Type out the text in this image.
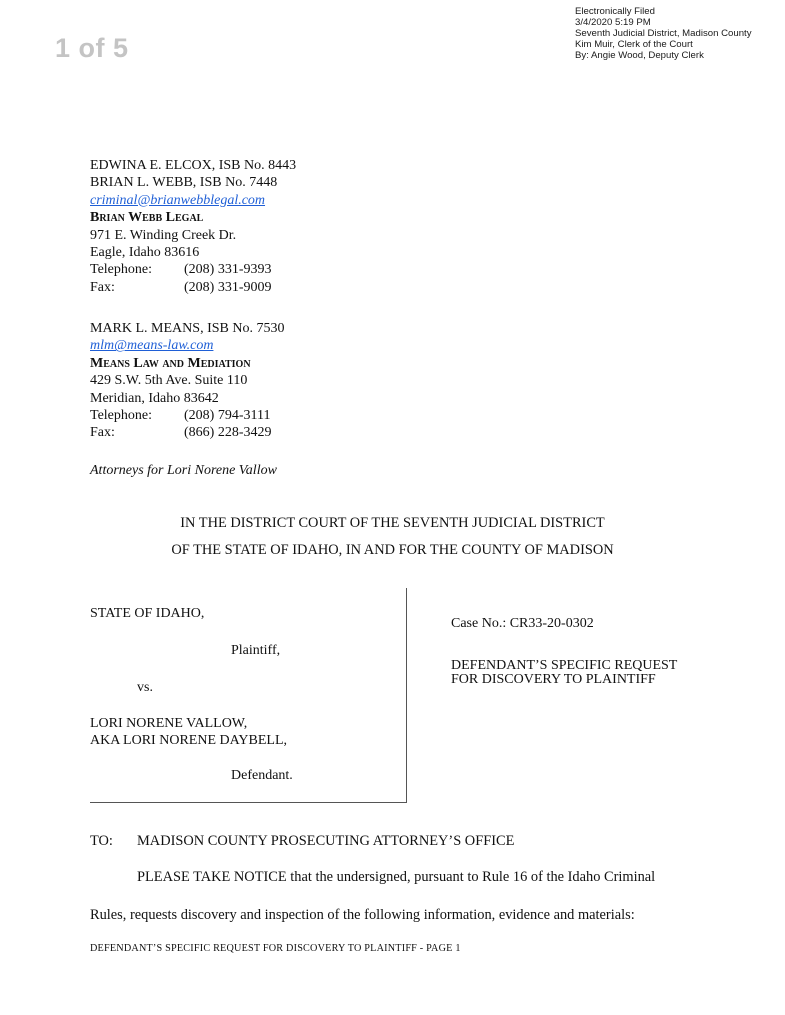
1 of 5
Electronically Filed
3/4/2020 5:19 PM
Seventh Judicial District, Madison County
Kim Muir, Clerk of the Court
By: Angie Wood, Deputy Clerk
EDWINA E. ELCOX, ISB No. 8443
BRIAN L. WEBB, ISB No. 7448
criminal@brianwebblegal.com
Brian Webb Legal
971 E. Winding Creek Dr.
Eagle, Idaho 83616
Telephone: (208) 331-9393
Fax:	(208) 331-9009
MARK L. MEANS, ISB No. 7530
mlm@means-law.com
Means Law and Mediation
429 S.W. 5th Ave. Suite 110
Meridian, Idaho 83642
Telephone: (208) 794-3111
Fax:	(866) 228-3429
Attorneys for Lori Norene Vallow
IN THE DISTRICT COURT OF THE SEVENTH JUDICIAL DISTRICT
OF THE STATE OF IDAHO, IN AND FOR THE COUNTY OF MADISON
STATE OF IDAHO,
Plaintiff,
vs.
LORI NORENE VALLOW,
AKA LORI NORENE DAYBELL,
Defendant.
Case No.: CR33-20-0302
DEFENDANT’S SPECIFIC REQUEST
FOR DISCOVERY TO PLAINTIFF
TO: MADISON COUNTY PROSECUTING ATTORNEY’S OFFICE
PLEASE TAKE NOTICE that the undersigned, pursuant to Rule 16 of the Idaho Criminal
Rules, requests discovery and inspection of the following information, evidence and materials:
DEFENDANT’S SPECIFIC REQUEST FOR DISCOVERY TO PLAINTIFF - PAGE 1
